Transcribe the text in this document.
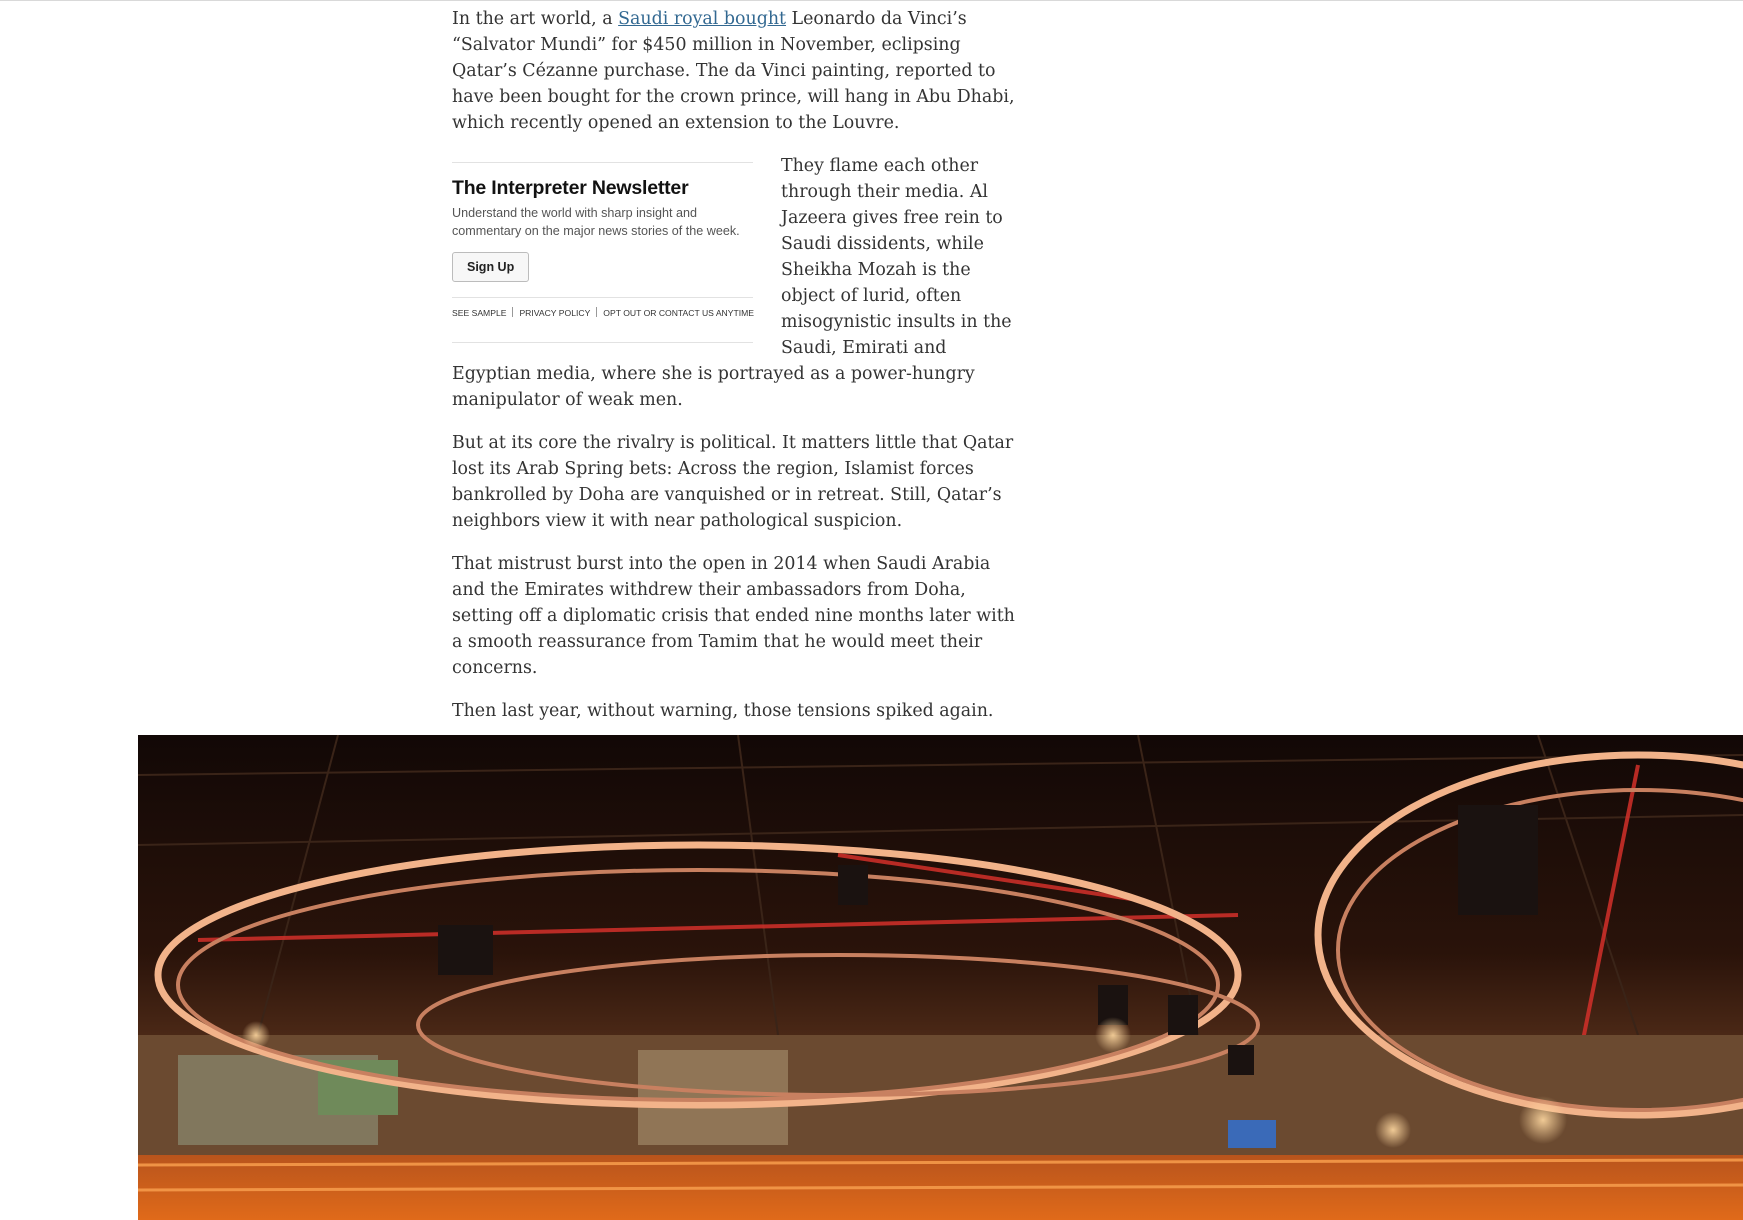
In the art world, a Saudi royal bought Leonardo da Vinci’s “Salvator Mundi” for $450 million in November, eclipsing Qatar’s Cézanne purchase. The da Vinci painting, reported to have been bought for the crown prince, will hang in Abu Dhabi, which recently opened an extension to the Louvre.

The Interpreter Newsletter
Understand the world with sharp insight and commentary on the major news stories of the week.
Sign Up
SEE SAMPLE PRIVACY POLICY OPT OUT OR CONTACT US ANYTIME

They flame each other through their media. Al Jazeera gives free rein to Saudi dissidents, while Sheikha Mozah is the object of lurid, often misogynistic insults in the Saudi, Emirati and Egyptian media, where she is portrayed as a power-hungry manipulator of weak men.

But at its core the rivalry is political. It matters little that Qatar lost its Arab Spring bets: Across the region, Islamist forces bankrolled by Doha are vanquished or in retreat. Still, Qatar’s neighbors view it with near pathological suspicion.

That mistrust burst into the open in 2014 when Saudi Arabia and the Emirates withdrew their ambassadors from Doha, setting off a diplomatic crisis that ended nine months later with a smooth reassurance from Tamim that he would meet their concerns.

Then last year, without warning, those tensions spiked again.
